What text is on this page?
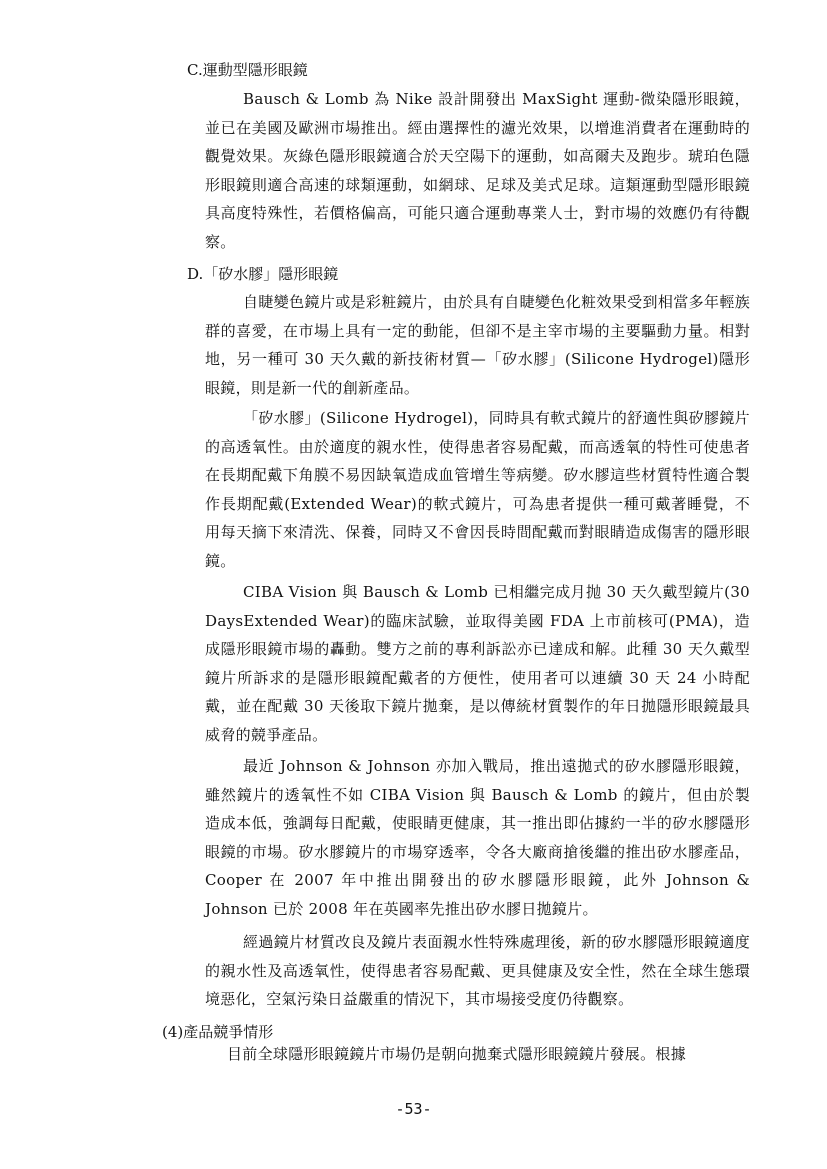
C.運動型隱形眼鏡

Bausch & Lomb 為 Nike 設計開發出 MaxSight 運動-微染隱形眼鏡，並已在美國及歐洲市場推出。經由選擇性的濾光效果，以增進消費者在運動時的觀覺效果。灰綠色隱形眼鏡適合於天空陽下的運動，如高爾夫及跑步。琥珀色隱形眼鏡則適合高速的球類運動，如網球、足球及美式足球。這類運動型隱形眼鏡具高度特殊性，若價格偏高，可能只適合運動專業人士，對市場的效應仍有待觀察。

D.「矽水膠」隱形眼鏡

自睫變色鏡片或是彩粧鏡片，由於具有自睫變色化粧效果受到相當多年輕族群的喜愛，在市場上具有一定的動能，但卻不是主宰市場的主要驅動力量。相對地，另一種可 30 天久戴的新技術材質—「矽水膠」(Silicone Hydrogel)隱形眼鏡，則是新一代的創新產品。

「矽水膠」(Silicone Hydrogel)，同時具有軟式鏡片的舒適性與矽膠鏡片的高透氧性。由於適度的親水性，使得患者容易配戴，而高透氧的特性可使患者在長期配戴下角膜不易因缺氧造成血管增生等病變。矽水膠這些材質特性適合製作長期配戴(Extended Wear)的軟式鏡片，可為患者提供一種可戴著睡覺，不用每天摘下來清洗、保養，同時又不會因長時間配戴而對眼睛造成傷害的隱形眼鏡。

CIBA Vision 與 Bausch & Lomb 已相繼完成月抛 30 天久戴型鏡片(30 DaysExtended Wear)的臨床試驗，並取得美國 FDA 上市前核可(PMA)，造成隱形眼鏡市場的轟動。雙方之前的專利訴訟亦已達成和解。此種 30 天久戴型鏡片所訴求的是隱形眼鏡配戴者的方便性，使用者可以連續 30 天 24 小時配戴，並在配戴 30 天後取下鏡片拋棄，是以傳統材質製作的年日拋隱形眼鏡最具威脅的競爭產品。

最近 Johnson & Johnson 亦加入戰局，推出遠拋式的矽水膠隱形眼鏡，雖然鏡片的透氧性不如 CIBA Vision 與 Bausch & Lomb 的鏡片，但由於製造成本低，強調每日配戴，使眼睛更健康，其一推出即佔據約一半的矽水膠隱形眼鏡的市場。矽水膠鏡片的市場穿透率，令各大廠商搶後繼的推出矽水膠產品，Cooper 在 2007 年中推出開發出的矽水膠隱形眼鏡，此外 Johnson & Johnson 已於 2008 年在英國率先推出矽水膠日拋鏡片。

經過鏡片材質改良及鏡片表面親水性特殊處理後，新的矽水膠隱形眼鏡適度的親水性及高透氧性，使得患者容易配戴、更具健康及安全性，然在全球生態環境惡化，空氣污染日益嚴重的情況下，其市場接受度仍待觀察。

(4)產品競爭情形

目前全球隱形眼鏡鏡片市場仍是朝向拋棄式隱形眼鏡鏡片發展。根據

-53-
